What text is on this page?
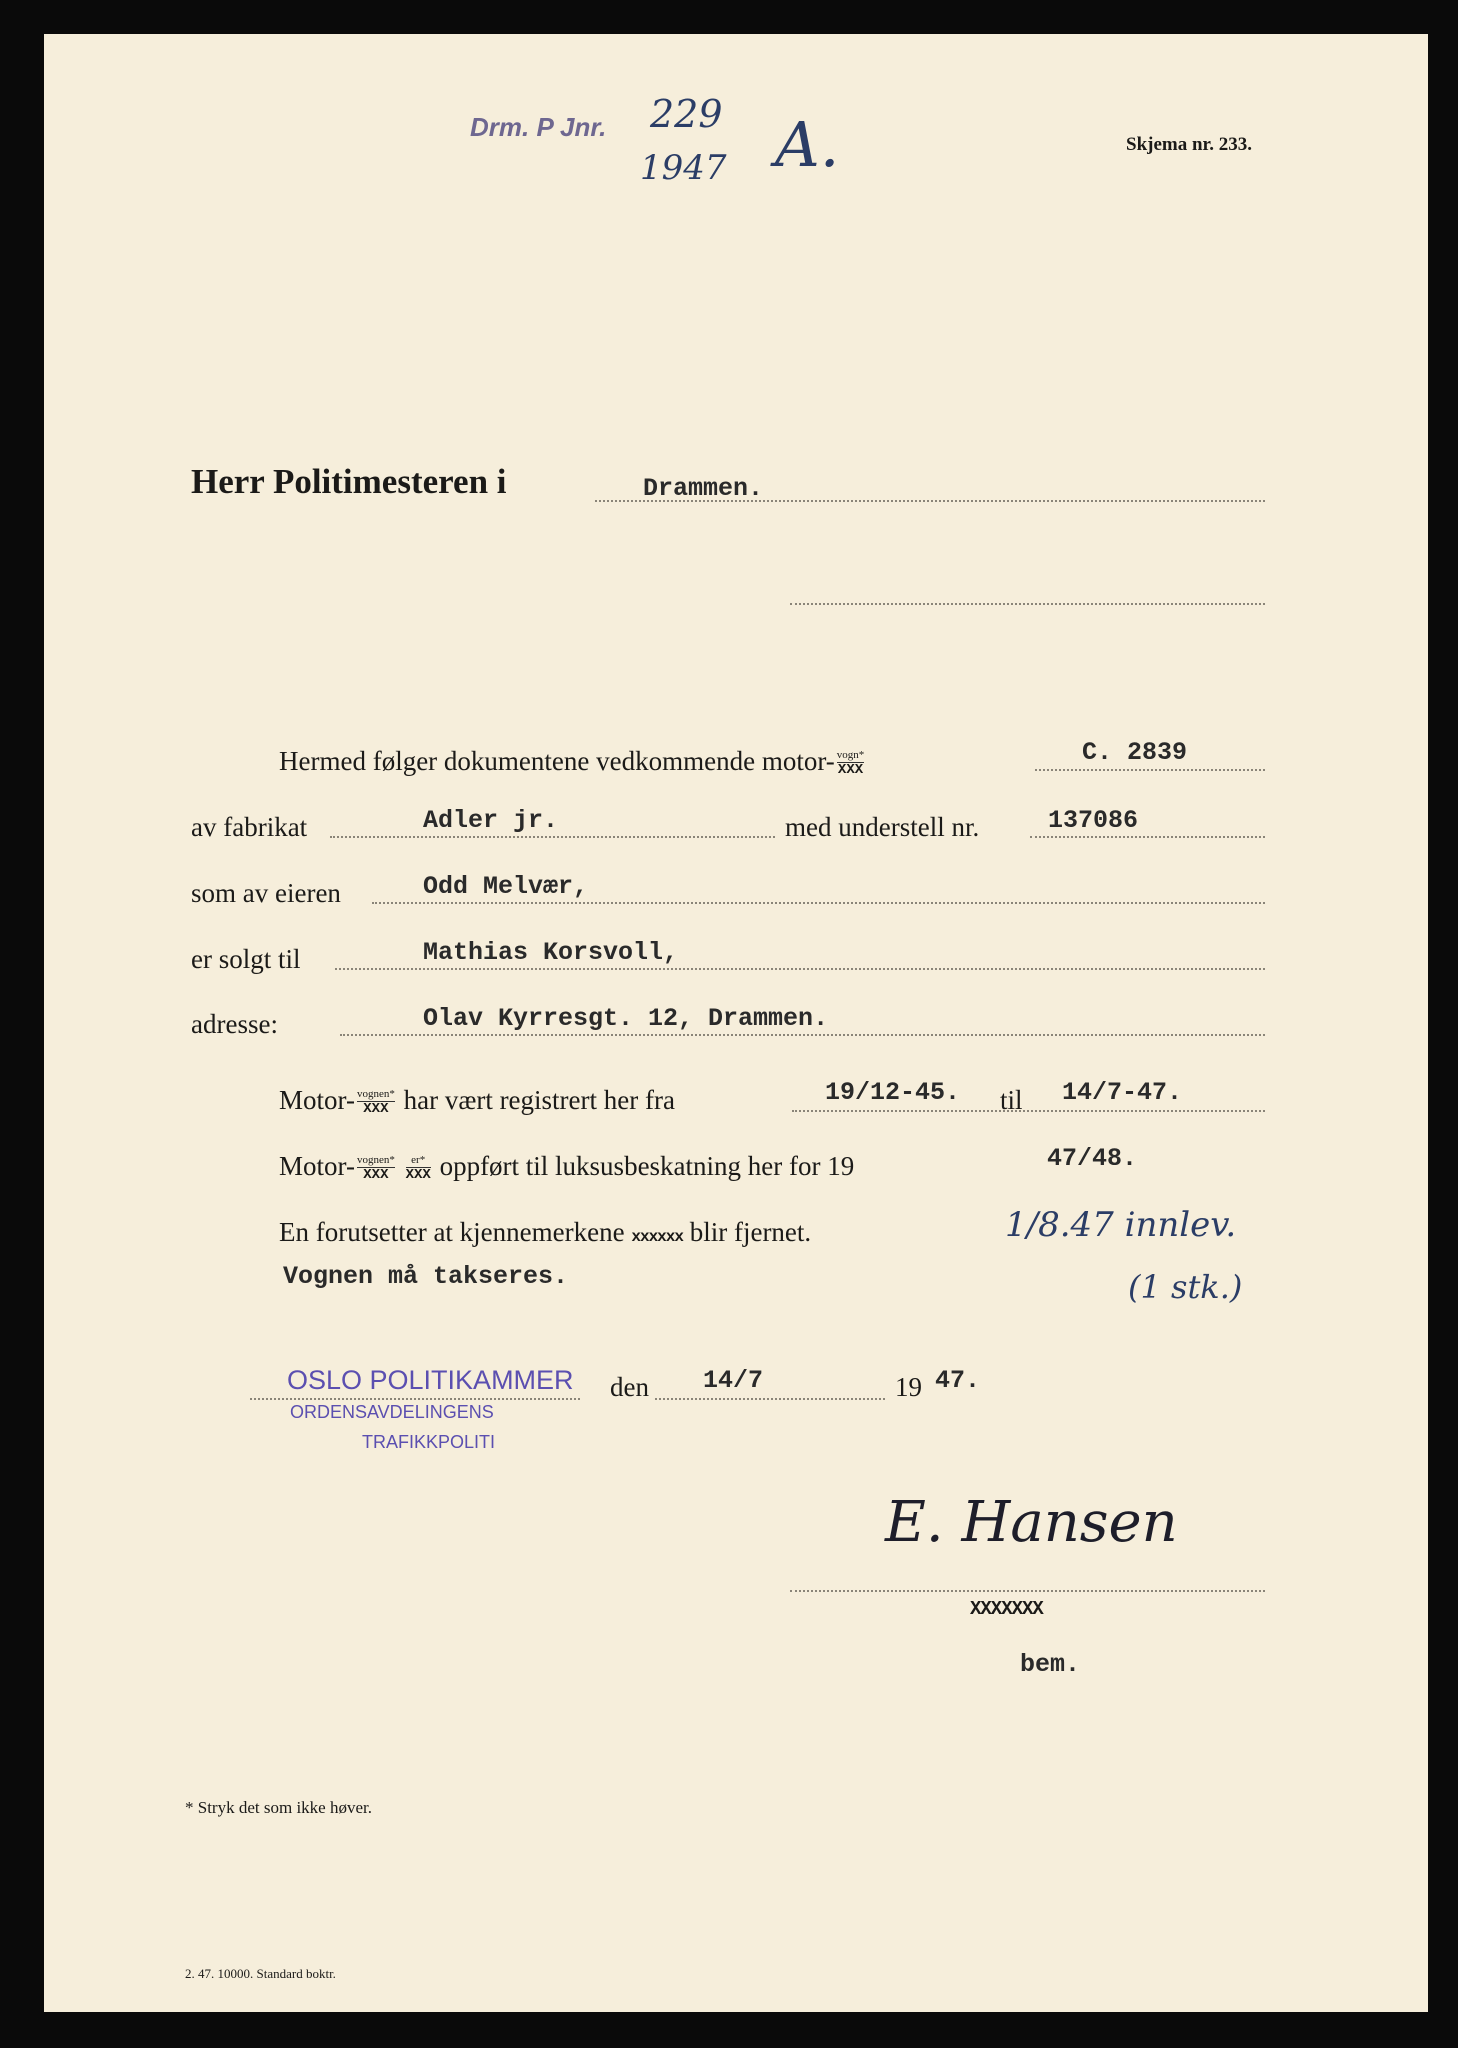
Drm. P Jnr. 229
1947 A.	Skjema nr. 233.
Herr Politimesteren i	Drammen.
Hermed følger dokumentene vedkommende motor- $\frac{\text{vogn*}}{\text{XXX}}$	C. 2839
av fabrikat	Adler jr.	med understell nr.	137086
som av eieren	Odd Melvær,
er solgt til	Mathias Korsvoll,
adresse:	Olav Kyrresgt. 12, Drammen.
Motor- $\frac{\text{vognen*}}{\text{XXX}}$ har vært registrert her fra	19/12-45. til 14/7-47.
Motor- $\frac{\text{vognen*}}{\text{XXX}}$
$\frac{er*}{\text{XXX}}$ oppført til luksusbeskatning her for 19	47/48.
En forutsetter at kjennemerkene xxxxxx blir fjernet.	1/8.47 innlev.
(1 stk.)
Vognen må takseres.
OSLO POLITIKAMMER
ORDENSAVDELINGENS
TRAFIKKPOLITI
den 14/7	19 47.
E. Hansen
XXXXXXX
bem.
* Stryk det som ikke høver.
2. 47. 10000. Standard boktr.
